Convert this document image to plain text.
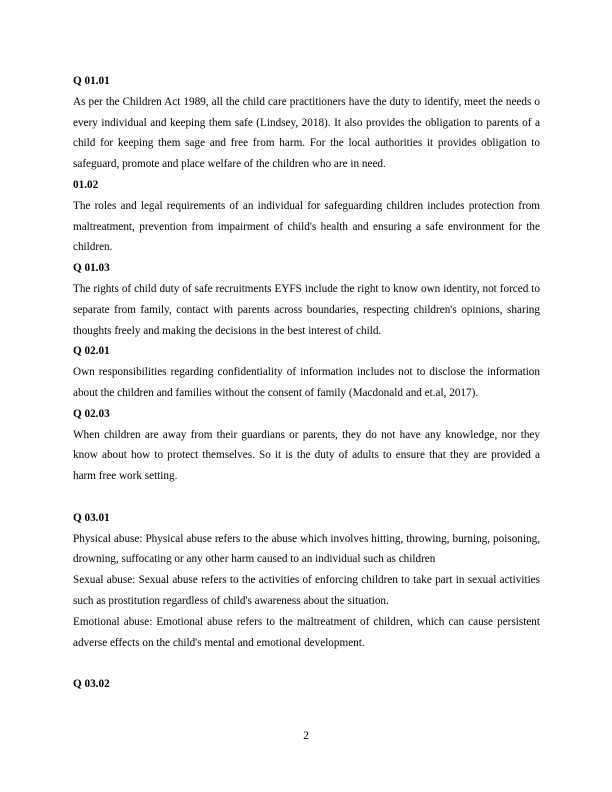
Q 01.01

As per the Children Act 1989, all the child care practitioners have the duty to identify, meet the needs o every individual and keeping them safe (Lindsey, 2018). It also provides the obligation to parents of a child for keeping them sage and free from harm. For the local authorities it provides obligation to safeguard, promote and place welfare of the children who are in need.

01.02

The roles and legal requirements of an individual for safeguarding children includes protection from maltreatment, prevention from impairment of child's health and ensuring a safe environment for the children.

Q 01.03

The rights of child duty of safe recruitments EYFS include the right to know own identity, not forced to separate from family, contact with parents across boundaries, respecting children's opinions, sharing thoughts freely and making the decisions in the best interest of child.

Q 02.01

Own responsibilities regarding confidentiality of information includes not to disclose the information about the children and families without the consent of family (Macdonald and et.al, 2017).

Q 02.03

When children are away from their guardians or parents, they do not have any knowledge, nor they know about how to protect themselves. So it is the duty of adults to ensure that they are provided a harm free work setting.

Q 03.01

Physical abuse: Physical abuse refers to the abuse which involves hitting, throwing, burning, poisoning, drowning, suffocating or any other harm caused to an individual such as children

Sexual abuse: Sexual abuse refers to the activities of enforcing children to take part in sexual activities such as prostitution regardless of child's awareness about the situation.

Emotional abuse: Emotional abuse refers to the maltreatment of children, which can cause persistent adverse effects on the child's mental and emotional development.

Q 03.02

2
